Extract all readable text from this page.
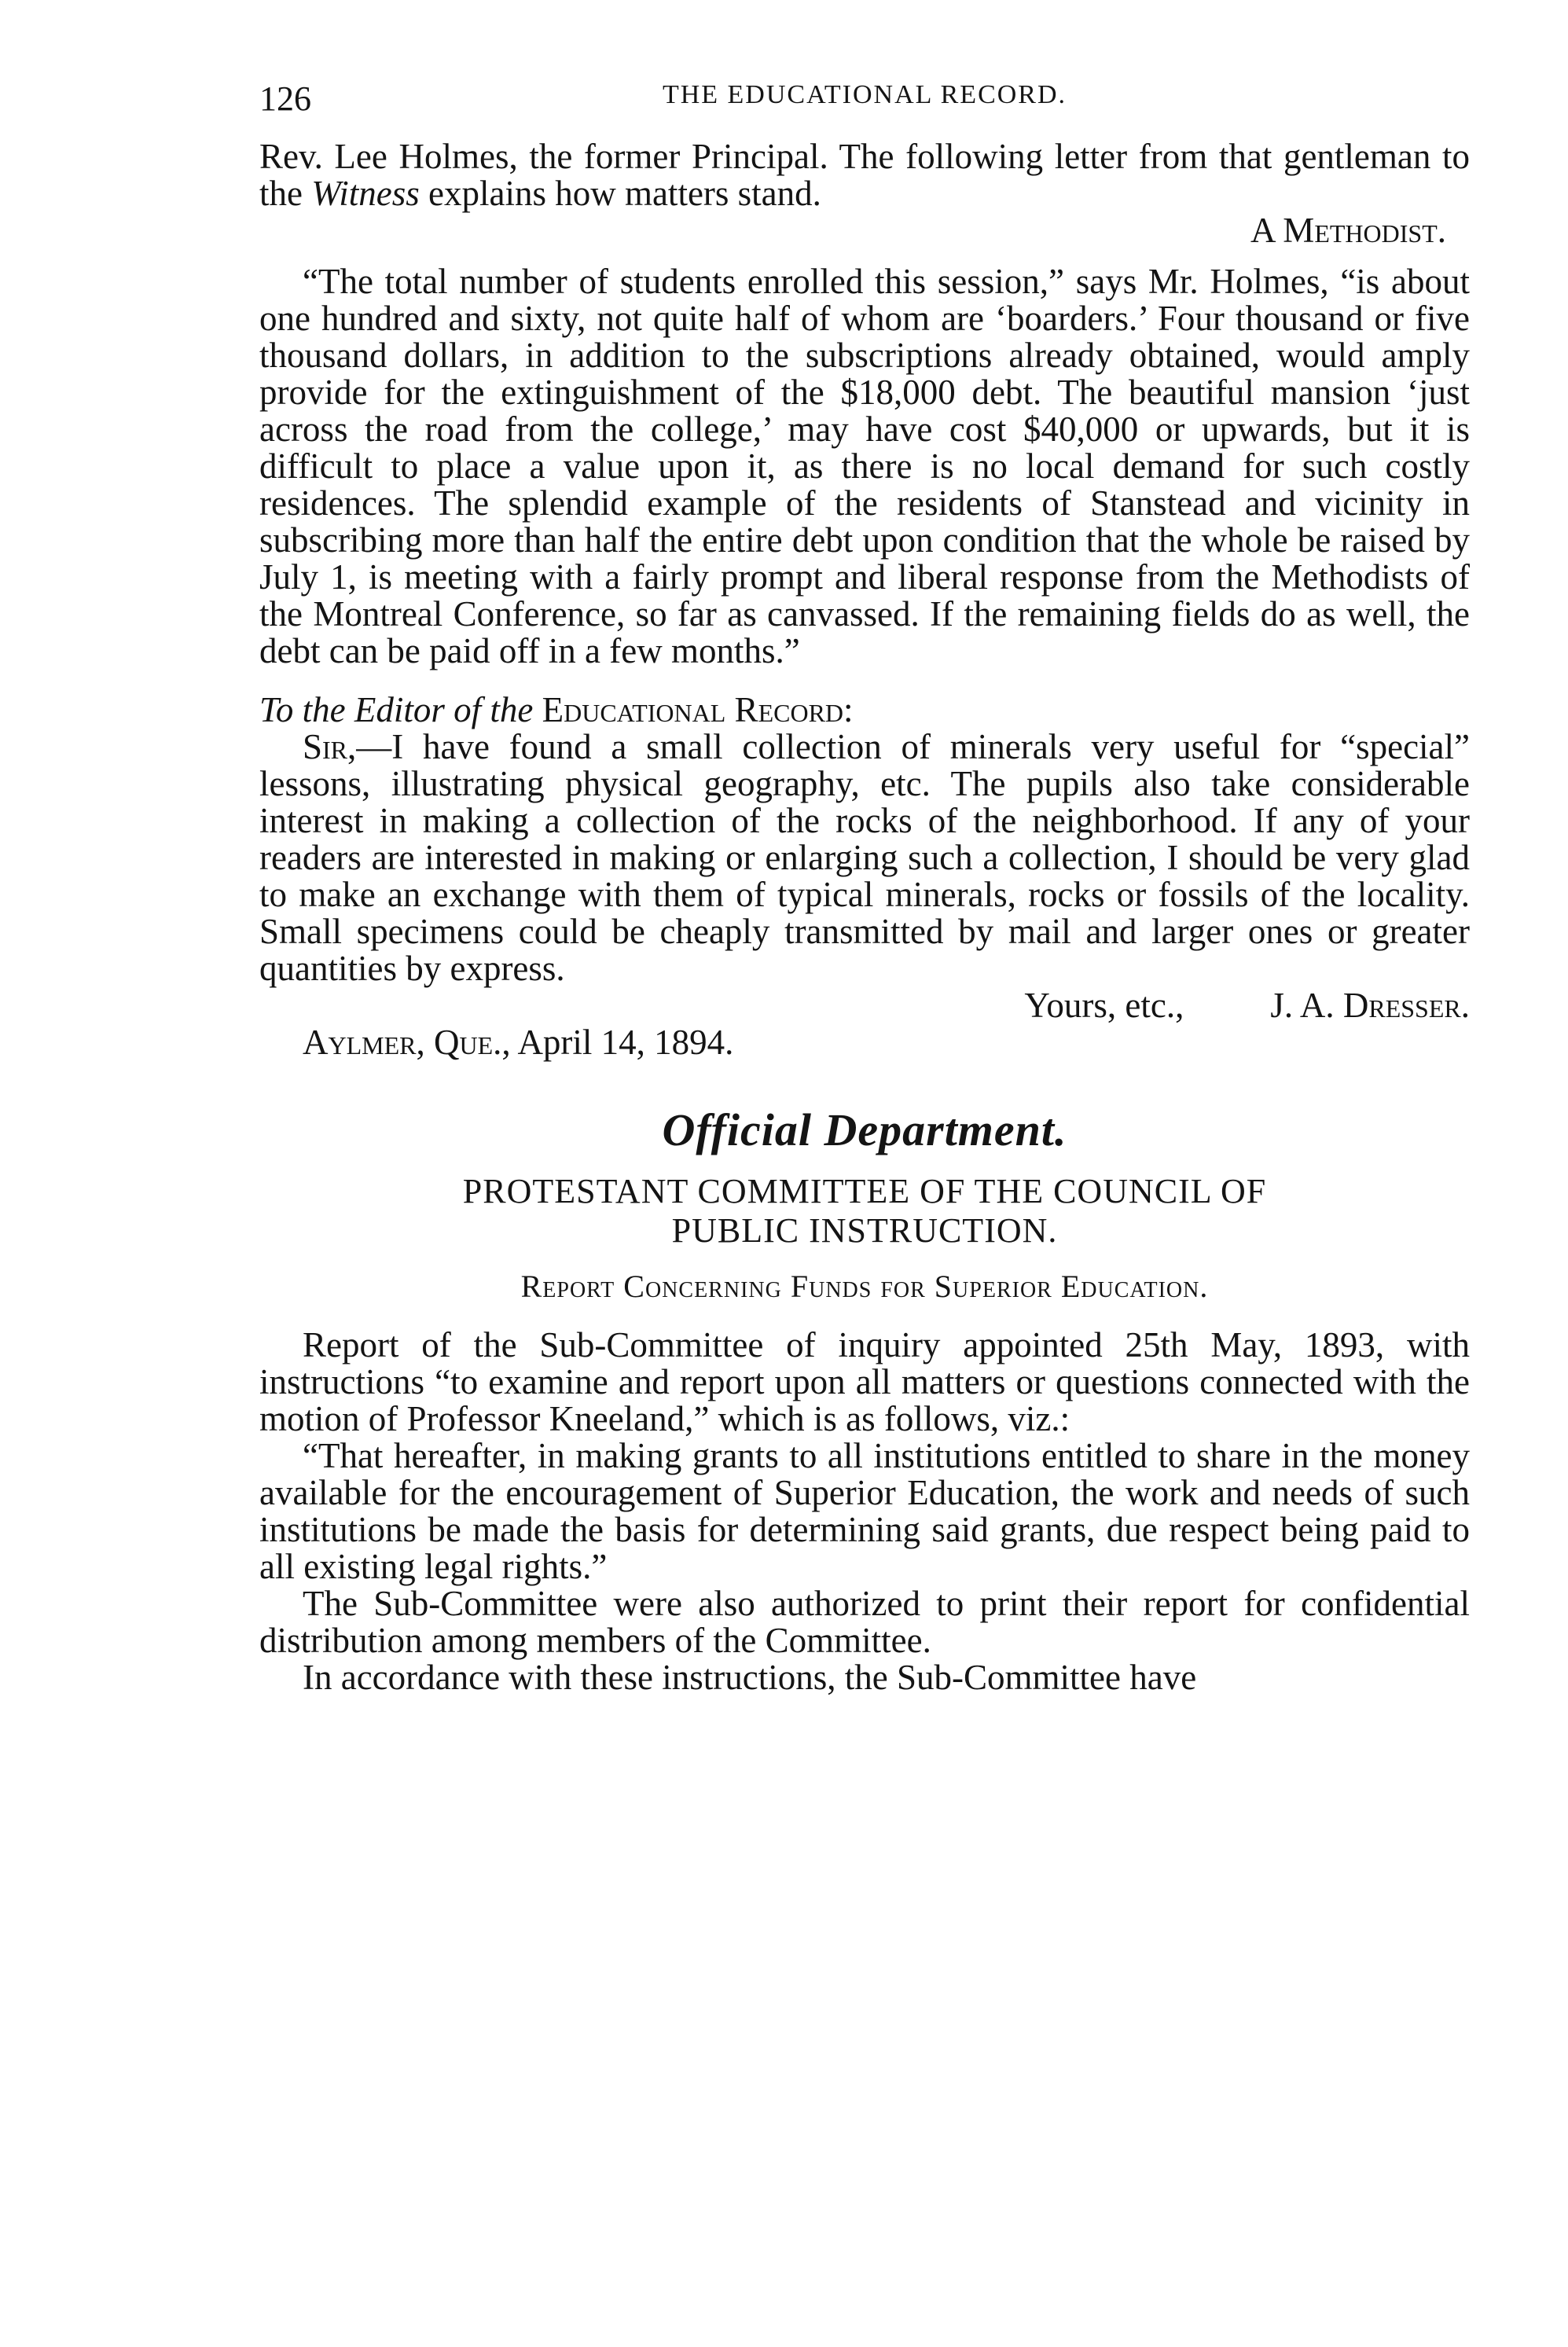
126	THE EDUCATIONAL RECORD.

Rev. Lee Holmes, the former Principal. The following letter from that gentleman to the Witness explains how matters stand.

A Methodist.

“The total number of students enrolled this session,” says Mr. Holmes, “is about one hundred and sixty, not quite half of whom are ‘boarders.’ Four thousand or five thousand dollars, in addition to the subscriptions already obtained, would amply provide for the extinguishment of the $18,000 debt. The beautiful mansion ‘just across the road from the college,’ may have cost $40,000 or upwards, but it is difficult to place a value upon it, as there is no local demand for such costly residences. The splendid example of the residents of Stanstead and vicinity in subscribing more than half the entire debt upon condition that the whole be raised by July 1, is meeting with a fairly prompt and liberal response from the Methodists of the Montreal Conference, so far as canvassed. If the remaining fields do as well, the debt can be paid off in a few months.”

To the Editor of the Educational Record:

Sir,—I have found a small collection of minerals very useful for “special” lessons, illustrating physical geography, etc. The pupils also take considerable interest in making a collection of the rocks of the neighborhood. If any of your readers are interested in making or enlarging such a collection, I should be very glad to make an exchange with them of typical minerals, rocks or fossils of the locality. Small specimens could be cheaply transmitted by mail and larger ones or greater quantities by express.

Yours, etc., J. A. Dresser.
Aylmer, Que., April 14, 1894.
Official Department.
PROTESTANT COMMITTEE OF THE COUNCIL OF
PUBLIC INSTRUCTION.
Report Concerning Funds for Superior Education.

Report of the Sub-Committee of inquiry appointed 25th May, 1893, with instructions “to examine and report upon all matters or questions connected with the motion of Professor Kneeland,” which is as follows, viz.:

“That hereafter, in making grants to all institutions entitled to share in the money available for the encouragement of Superior Education, the work and needs of such institutions be made the basis for determining said grants, due respect being paid to all existing legal rights.”

The Sub-Committee were also authorized to print their report for confidential distribution among members of the Committee.

In accordance with these instructions, the Sub-Committee have
